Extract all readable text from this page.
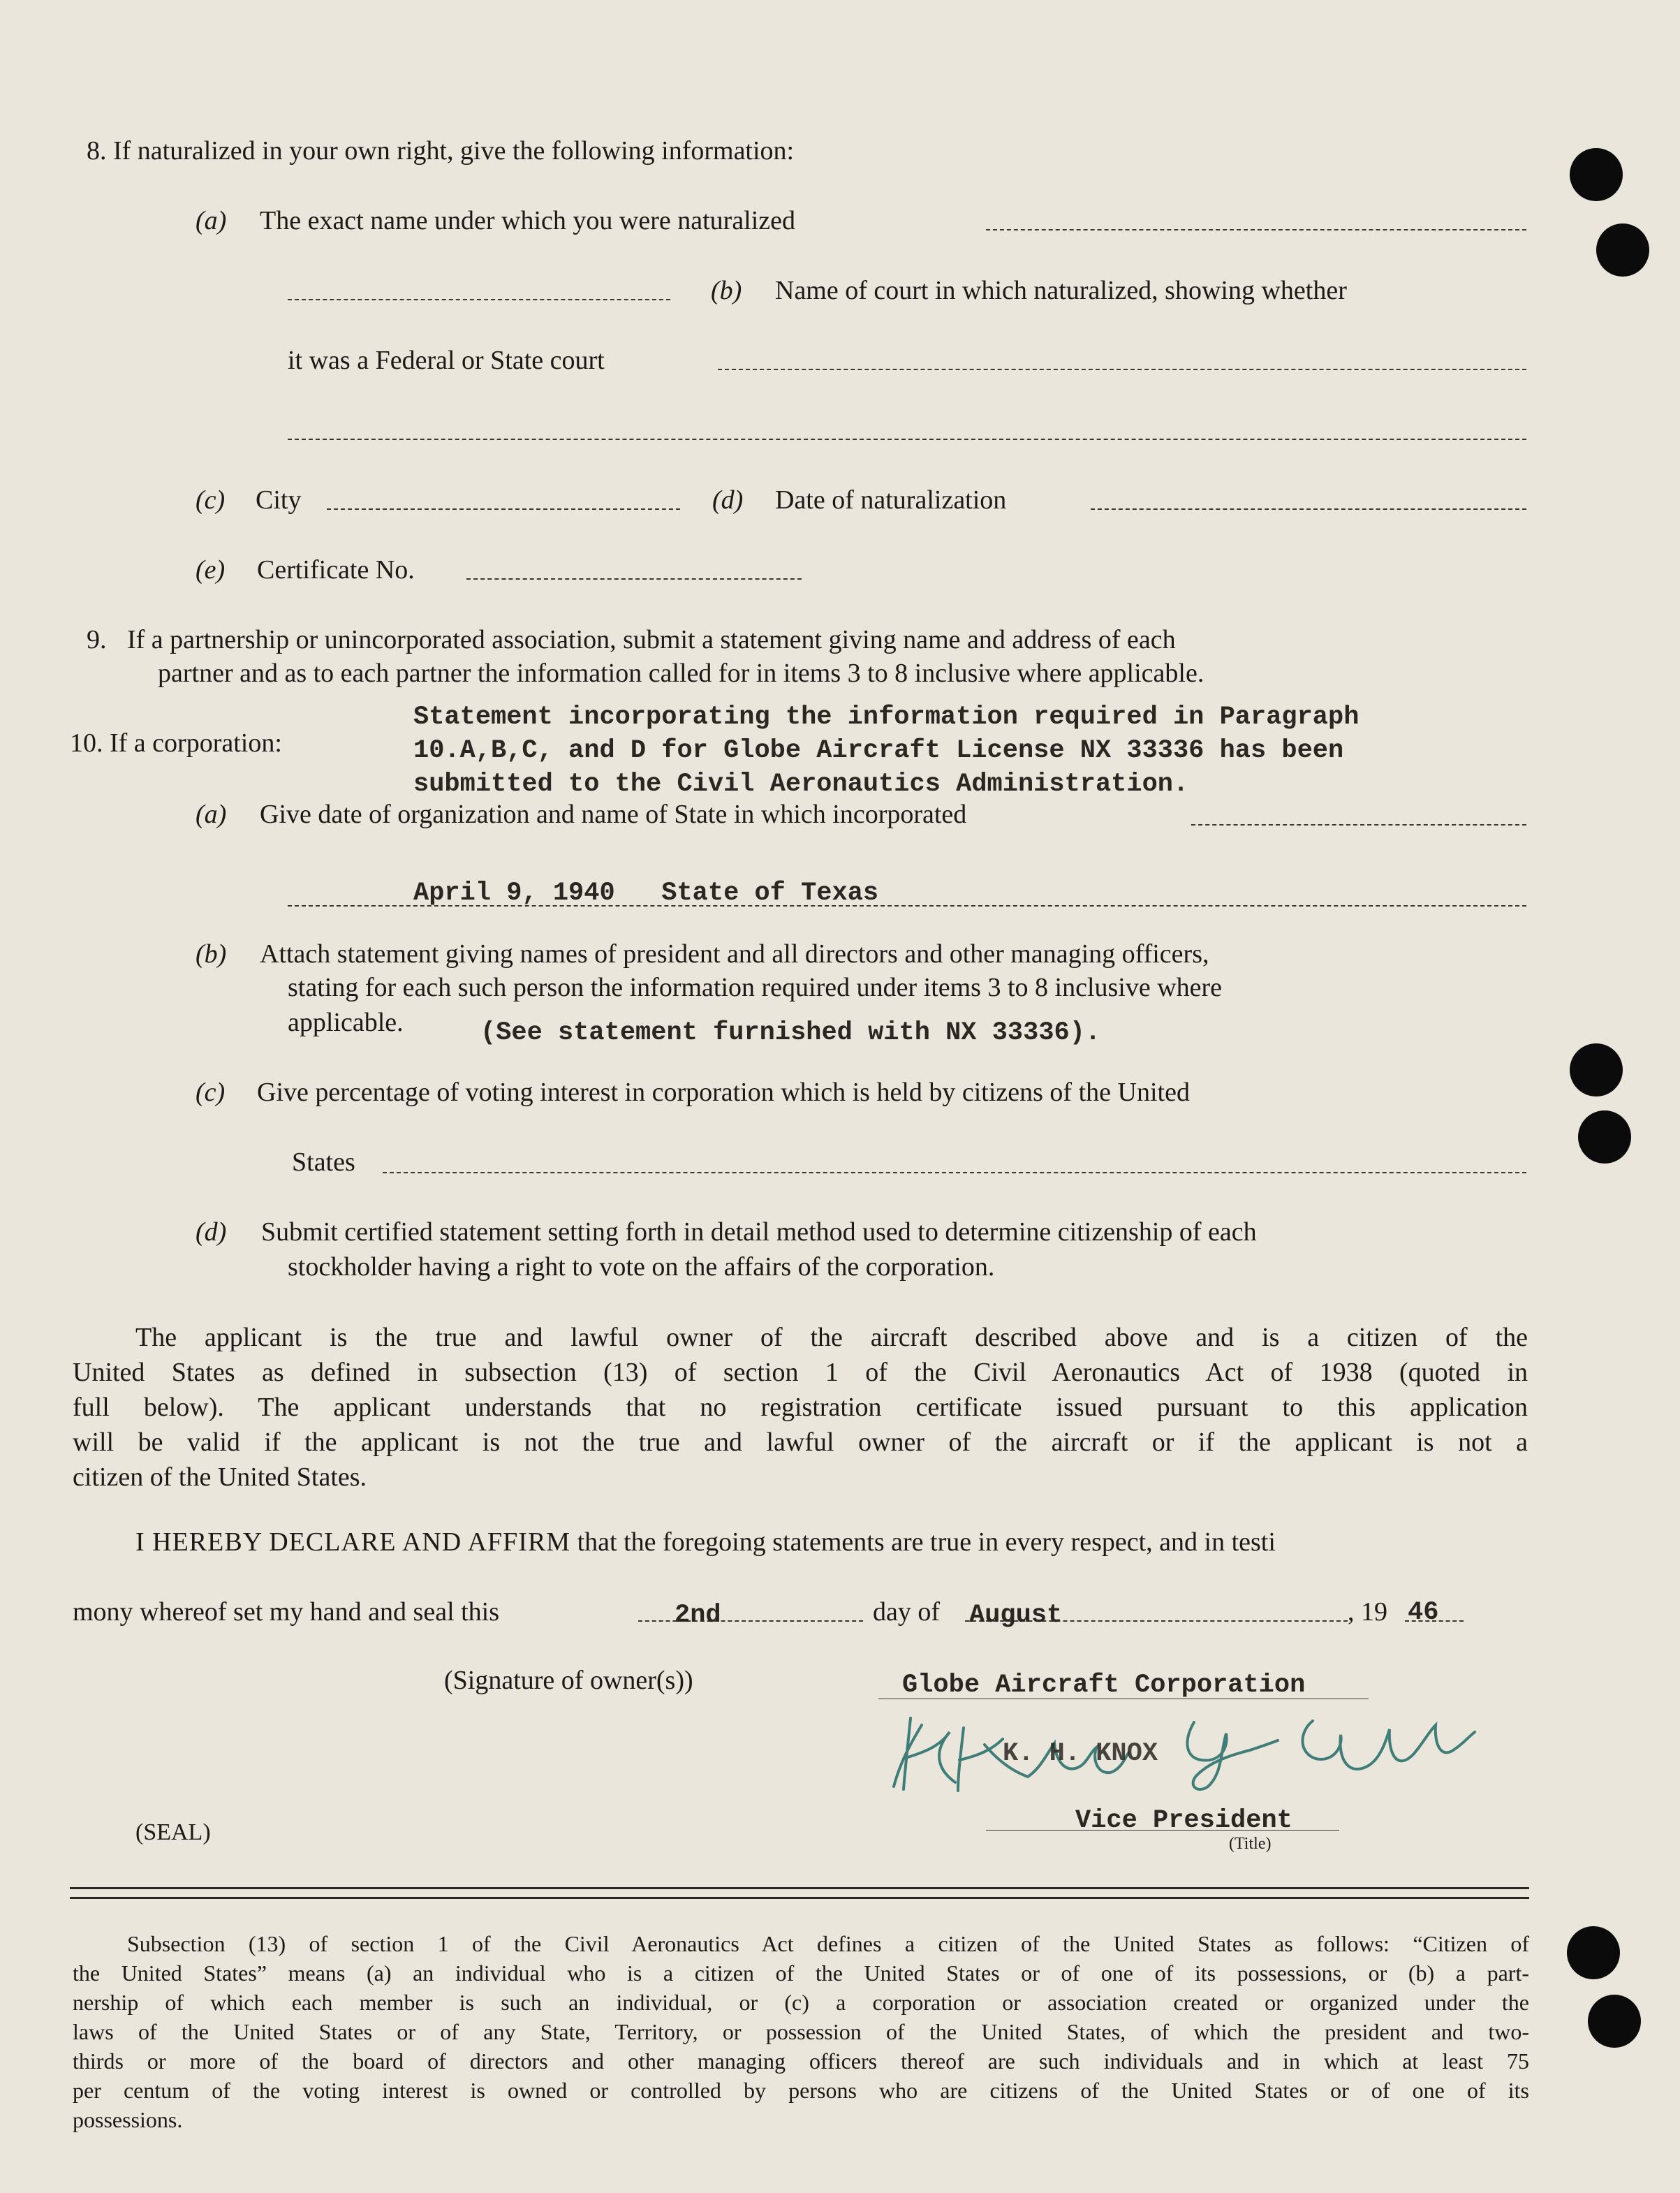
8. If naturalized in your own right, give the following information:
(a) The exact name under which you were naturalized
(b) Name of court in which naturalized, showing whether
it was a Federal or State court
(c) City	(d) Date of naturalization
(e) Certificate No.
9. If a partnership or unincorporated association, submit a statement giving name and address of each
partner and as to each partner the information called for in items 3 to 8 inclusive where applicable.
10. If a corporation:
Statement incorporating the information required in Paragraph
10.A,B,C, and D for Globe Aircraft License NX 33336 has been
submitted to the Civil Aeronautics Administration.
(a) Give date of organization and name of State in which incorporated
April 9, 1940   State of Texas
(b) Attach statement giving names of president and all directors and other managing officers,
stating for each such person the information required under items 3 to 8 inclusive where
applicable.	(See statement furnished with NX 33336).
(c) Give percentage of voting interest in corporation which is held by citizens of the United
States
(d) Submit certified statement setting forth in detail method used to determine citizenship of each
stockholder having a right to vote on the affairs of the corporation.
The applicant is the true and lawful owner of the aircraft described above and is a citizen of the
United States as defined in subsection (13) of section 1 of the Civil Aeronautics Act of 1938 (quoted in
full below). The applicant understands that no registration certificate issued pursuant to this application
will be valid if the applicant is not the true and lawful owner of the aircraft or if the applicant is not a
citizen of the United States.
I HEREBY DECLARE AND AFFIRM that the foregoing statements are true in every respect, and in testi
mony whereof set my hand and seal this	2nd	day of August	, 19 46
(Signature of owner(s))	Globe Aircraft Corporation
K. H. KNOX
(SEAL)	Vice President
(Title)
Subsection (13) of section 1 of the Civil Aeronautics Act defines a citizen of the United States as follows: “Citizen of
the United States” means (a) an individual who is a citizen of the United States or of one of its possessions, or (b) a part-
nership of which each member is such an individual, or (c) a corporation or association created or organized under the
laws of the United States or of any State, Territory, or possession of the United States, of which the president and two-
thirds or more of the board of directors and other managing officers thereof are such individuals and in which at least 75
per centum of the voting interest is owned or controlled by persons who are citizens of the United States or of one of its
possessions.
